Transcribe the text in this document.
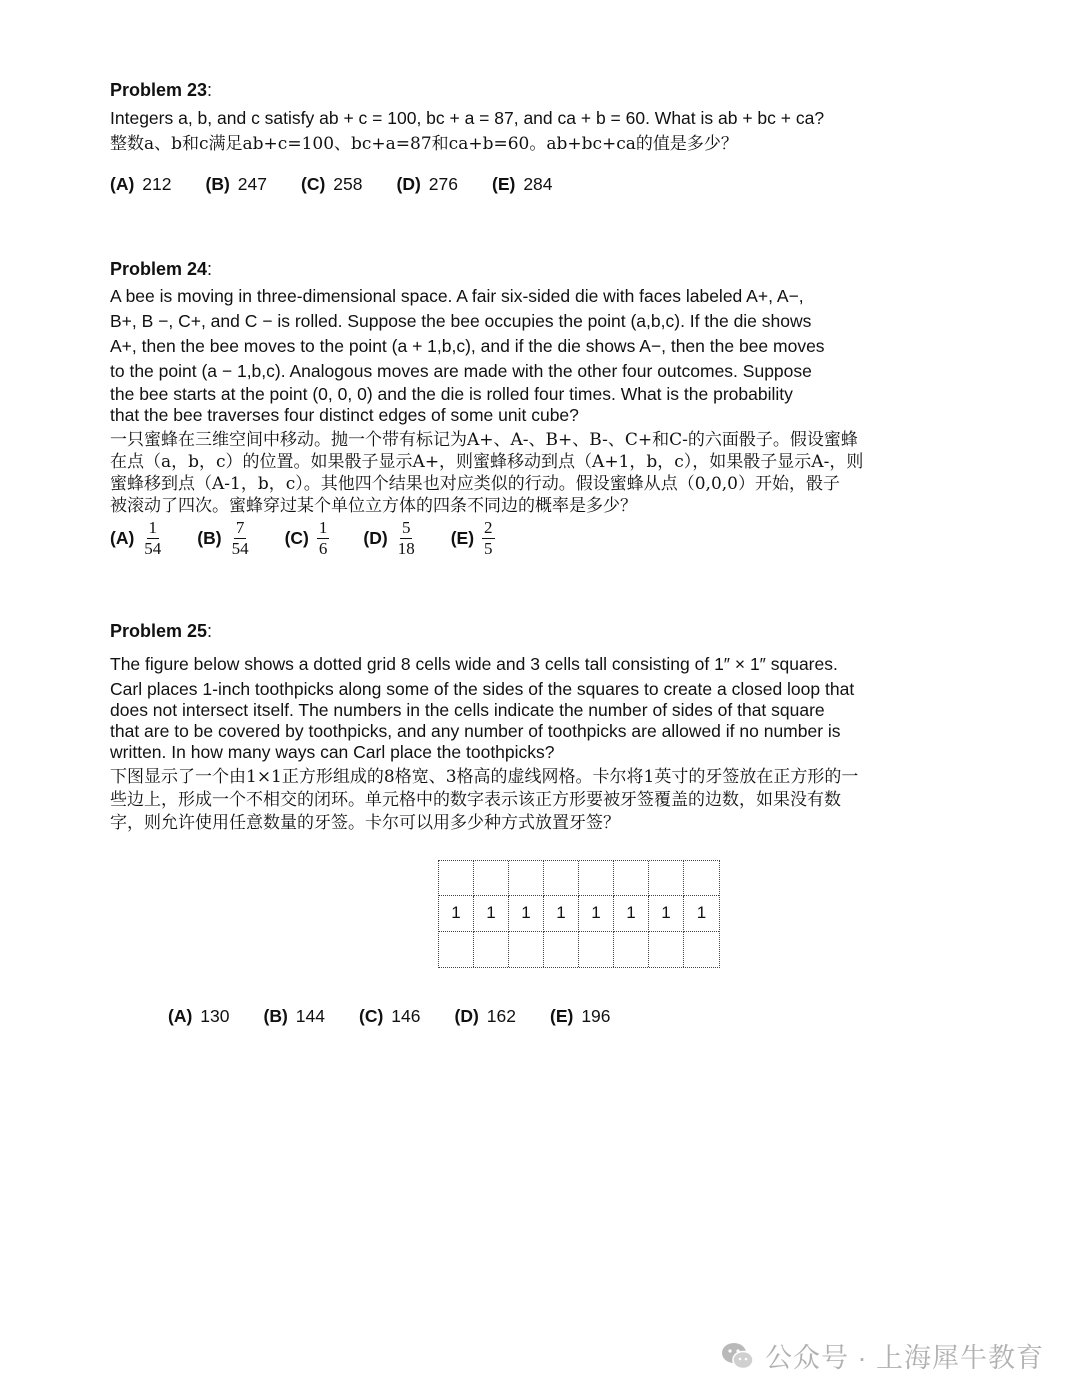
Problem 23:

Integers a, b, and c satisfy ab + c = 100, bc + a = 87, and ca + b = 60. What is ab + bc + ca?

整数a、b和c满足ab+c=100、bc+a=87和ca+b=60。ab+bc+ca的值是多少？

(A) 212 (B) 247 (C) 258 (D) 276 (E) 284

Problem 24:

A bee is moving in three-dimensional space. A fair six-sided die with faces labeled A+, A−,

B+, B −, C+, and C − is rolled. Suppose the bee occupies the point (a,b,c). If the die shows

A+, then the bee moves to the point (a + 1,b,c), and if the die shows A−, then the bee moves

to the point (a − 1,b,c). Analogous moves are made with the other four outcomes. Suppose

the bee starts at the point (0, 0, 0) and the die is rolled four times. What is the probability

that the bee traverses four distinct edges of some unit cube?

一只蜜蜂在三维空间中移动。抛一个带有标记为A+、A-、B+、B-、C+和C-的六面骰子。假设蜜蜂

在点（a，b，c）的位置。如果骰子显示A+，则蜜蜂移动到点（A+1，b，c），如果骰子显示A-，则

蜜蜂移到点（A-1，b，c）。其他四个结果也对应类似的行动。假设蜜蜂从点（0,0,0）开始，骰子

被滚动了四次。蜜蜂穿过某个单位立方体的四条不同边的概率是多少？

$(A) \frac{1}{54} (B) \frac{7}{54} (C) \frac{1}{6} (D) \frac{5}{18} (E) \frac{2}{5}$

Problem 25:

The figure below shows a dotted grid 8 cells wide and 3 cells tall consisting of 1″ × 1″ squares.

Carl places 1-inch toothpicks along some of the sides of the squares to create a closed loop that

does not intersect itself. The numbers in the cells indicate the number of sides of that square

that are to be covered by toothpicks, and any number of toothpicks are allowed if no number is

written. In how many ways can Carl place the toothpicks?

下图显示了一个由1×1正方形组成的8格宽、3格高的虚线网格。卡尔将1英寸的牙签放在正方形的一

些边上，形成一个不相交的闭环。单元格中的数字表示该正方形要被牙签覆盖的边数，如果没有数

字，则允许使用任意数量的牙签。卡尔可以用多少种方式放置牙签？

1	1	1	1	1	1	1	1
(A) 130 (B) 144 (C) 146 (D) 162 (E) 196
公众号 · 上海犀牛教育
